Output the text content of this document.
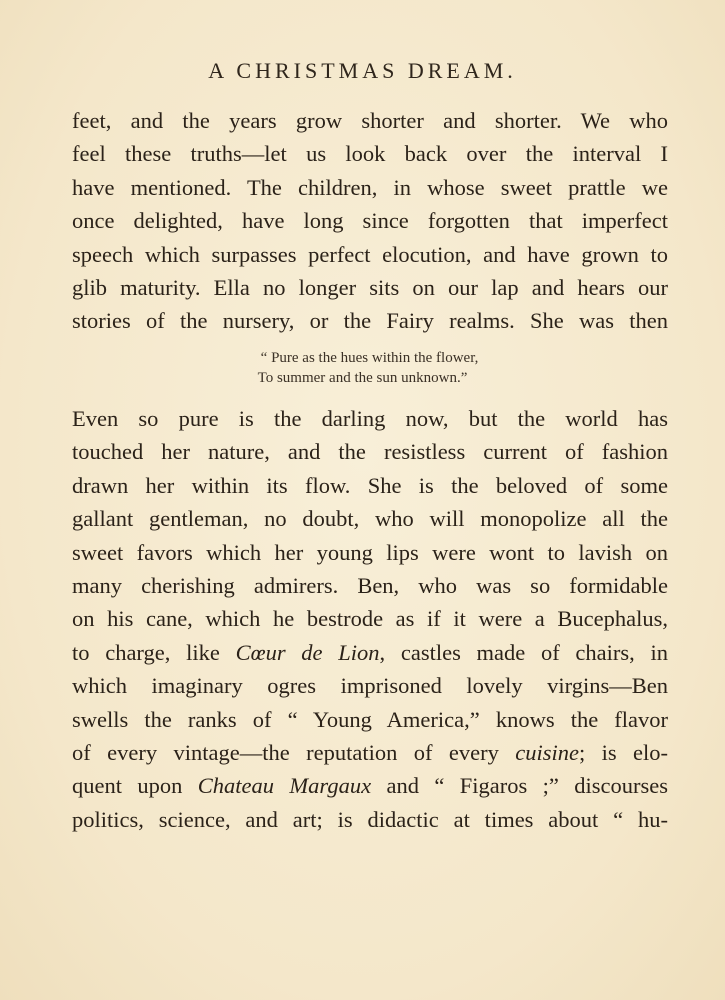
A CHRISTMAS DREAM.
feet, and the years grow shorter and shorter. We who
feel these truths—let us look back over the interval I
have mentioned. The children, in whose sweet prattle we
once delighted, have long since forgotten that imperfect
speech which surpasses perfect elocution, and have grown to
glib maturity. Ella no longer sits on our lap and hears our
stories of the nursery, or the Fairy realms. She was then
“ Pure as the hues within the flower,
To summer and the sun unknown.”
Even so pure is the darling now, but the world has
touched her nature, and the resistless current of fashion
drawn her within its flow. She is the beloved of some
gallant gentleman, no doubt, who will monopolize all the
sweet favors which her young lips were wont to lavish on
many cherishing admirers. Ben, who was so formidable
on his cane, which he bestrode as if it were a Bucephalus,
to charge, like Cœur de Lion, castles made of chairs, in
which imaginary ogres imprisoned lovely virgins—Ben
swells the ranks of “ Young America,” knows the flavor
of every vintage—the reputation of every cuisine; is elo-
quent upon Chateau Margaux and “ Figaros ;” discourses
politics, science, and art; is didactic at times about “ hu-
